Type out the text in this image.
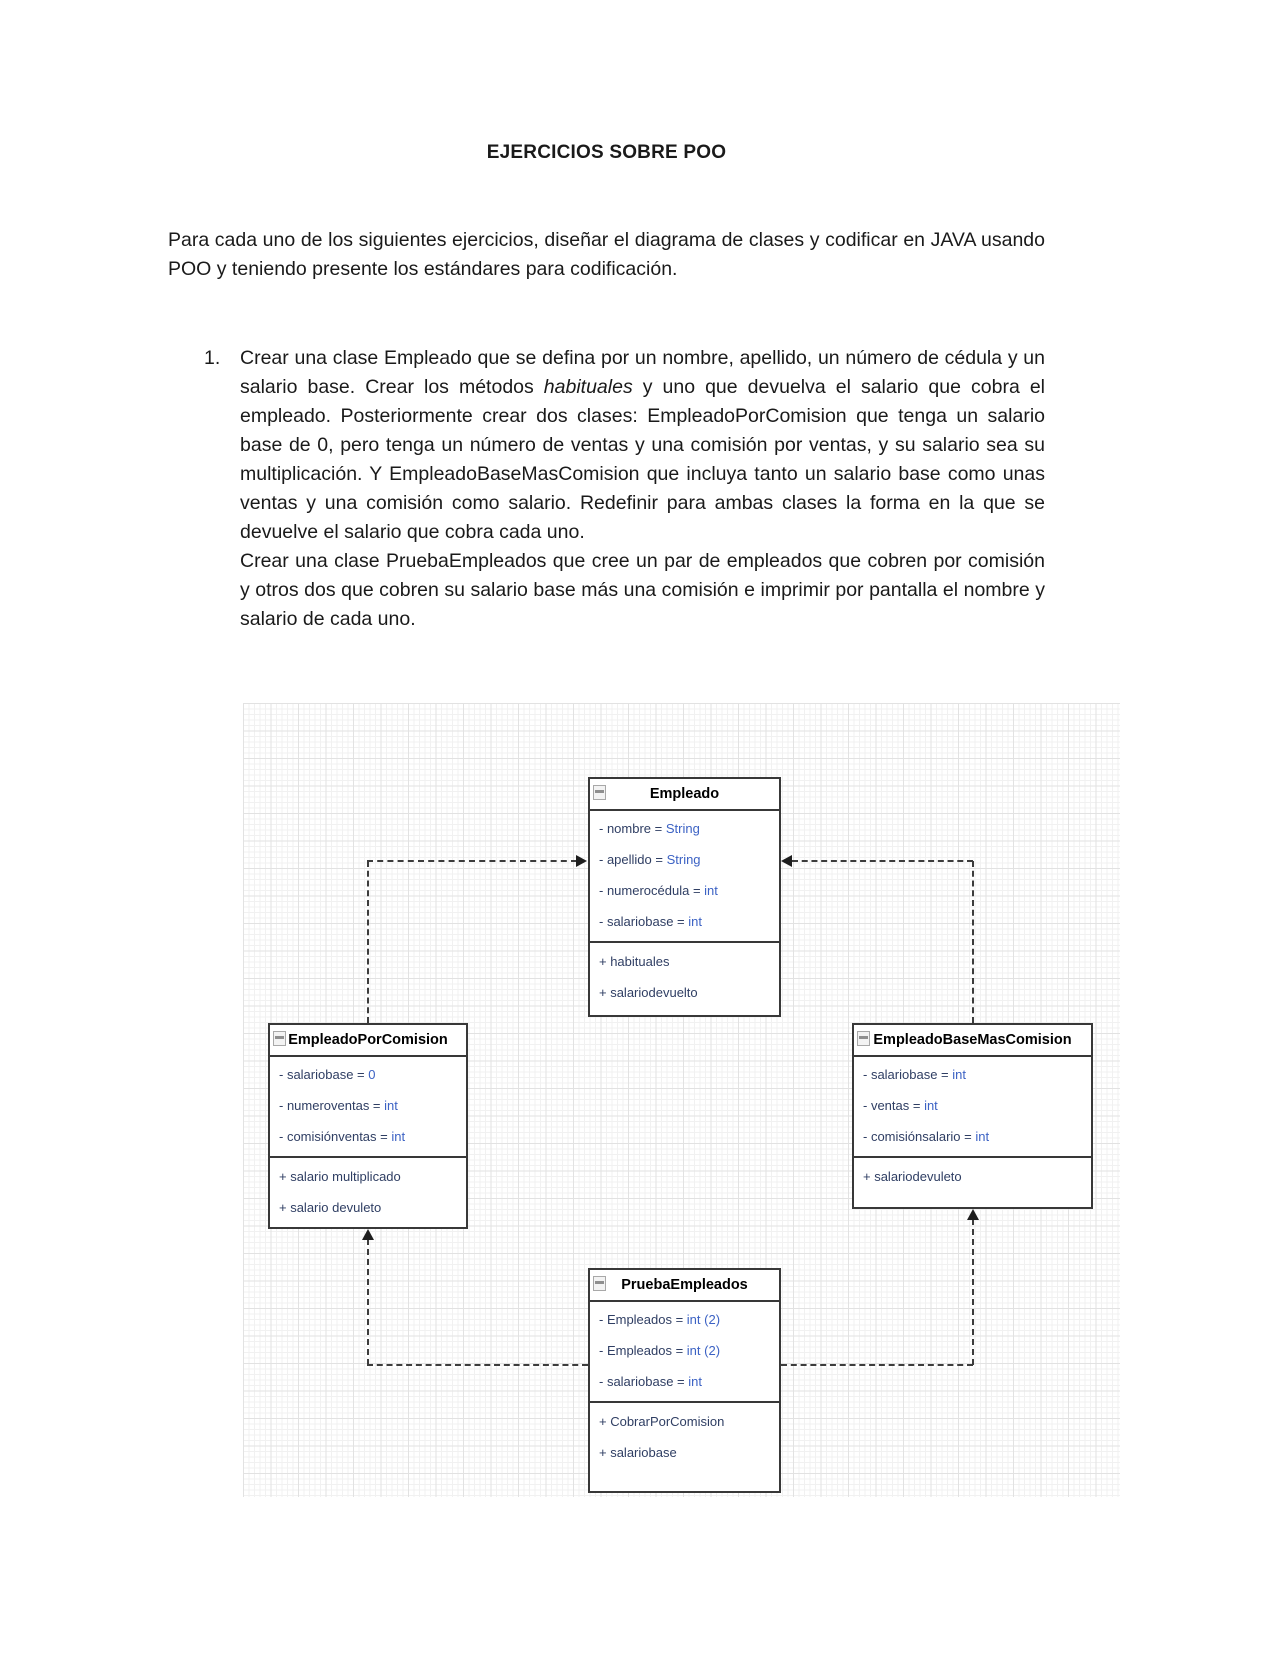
EJERCICIOS SOBRE POO

Para cada uno de los siguientes ejercicios, diseñar el diagrama de clases y codificar en JAVA usando POO y teniendo presente los estándares para codificación.

1. Crear una clase Empleado que se defina por un nombre, apellido, un número de cédula y un salario base. Crear los métodos habituales y uno que devuelva el salario que cobra el empleado. Posteriormente crear dos clases: EmpleadoPorComision que tenga un salario base de 0, pero tenga un número de ventas y una comisión por ventas, y su salario sea su multiplicación. Y EmpleadoBaseMasComision que incluya tanto un salario base como unas ventas y una comisión como salario. Redefinir para ambas clases la forma en la que se devuelve el salario que cobra cada uno.

Crear una clase PruebaEmpleados que cree un par de empleados que cobren por comisión y otros dos que cobren su salario base más una comisión e imprimir por pantalla el nombre y salario de cada uno.

Empleado
- nombre = String
- apellido = String
- numerocédula = int
- salariobase = int
+ habituales
+ salariodevuelto
EmpleadoPorComision
- salariobase = 0
- numeroventas = int
- comisiónventas = int
+ salario multiplicado
+ salario devuleto
EmpleadoBaseMasComision
- salariobase = int
- ventas = int
- comisiónsalario = int
+ salariodevuleto
PruebaEmpleados
- Empleados = int (2)
- Empleados = int (2)
- salariobase = int
+ CobrarPorComision
+ salariobase
